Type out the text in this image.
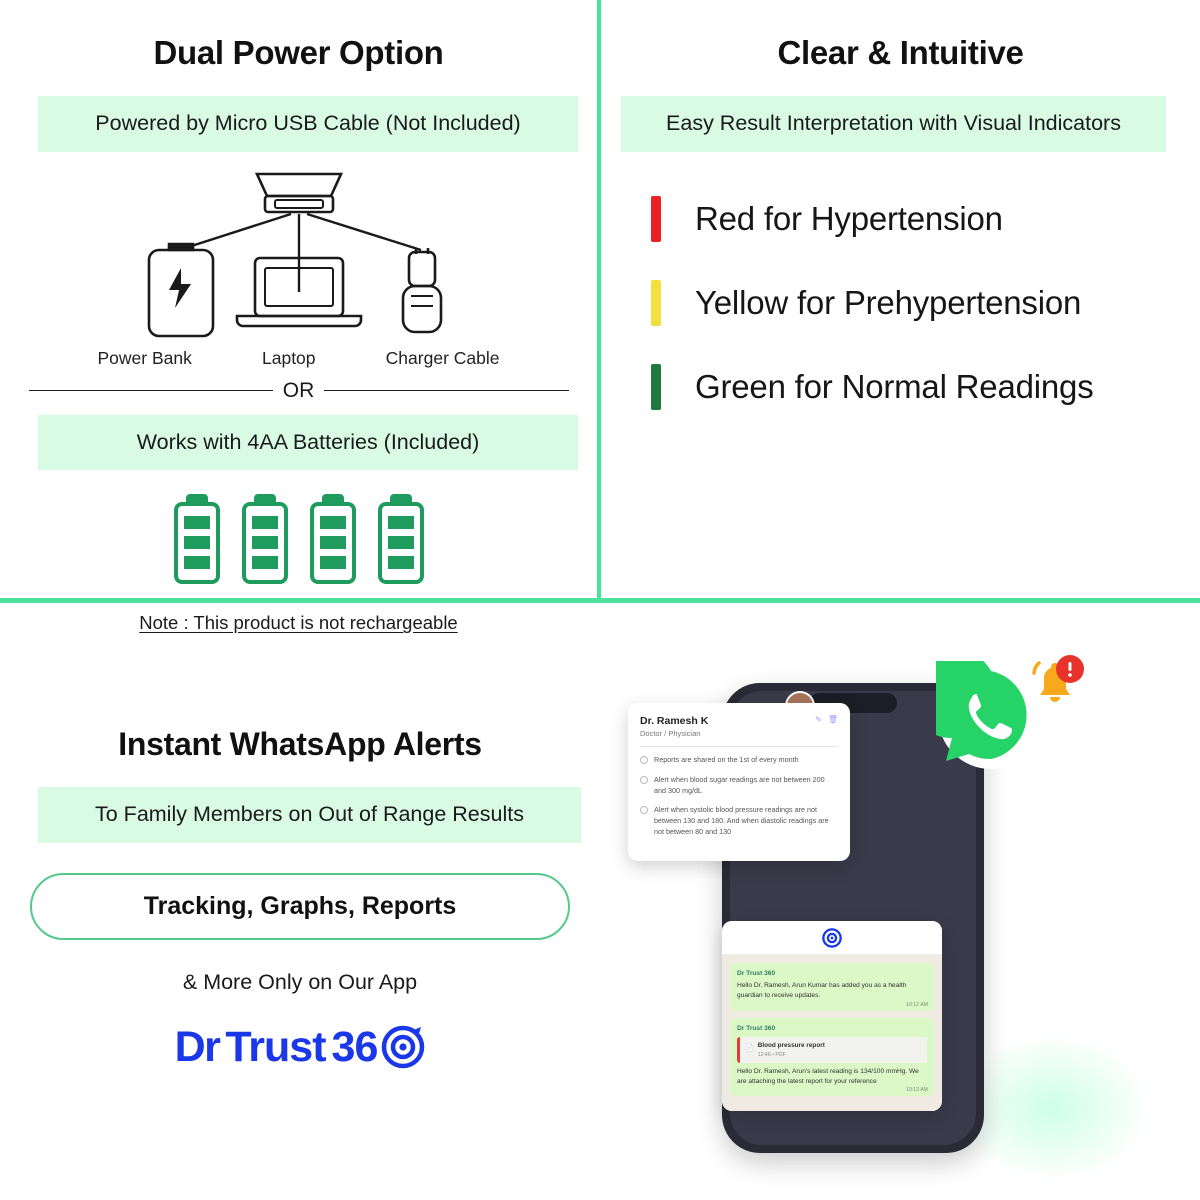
Dual Power Option
Powered by Micro USB Cable (Not Included)
Power Bank	Laptop	Charger Cable
OR
Works with 4AA Batteries (Included)
Note : This product is not rechargeable
Clear & Intuitive
Easy Result Interpretation with Visual Indicators
Red for Hypertension
Yellow for Prehypertension
Green for Normal Readings
Instant WhatsApp Alerts
To Family Members on Out of Range Results
Tracking, Graphs, Reports
& More Only on Our App
Dr Trust 36
✎ 🗑
Dr. Ramesh K
Doctor / Physician
Reports are shared on the 1st of every month
Alert when blood sugar readings are not between 200 and 300 mg/dL
Alert when systolic blood pressure readings are not between 130 and 180. And when diastolic readings are not between 80 and 130
Dr Trust 360
Hello Dr. Ramesh, Arun Kumar has added you as a health guardian to receive updates.
10:12 AM
Dr Trust 360
📄
Blood pressure report
12:46 • PDF
Hello Dr. Ramesh, Arun's latest reading is 134/100 mmHg. We are attaching the latest report for your reference
10:13 AM
